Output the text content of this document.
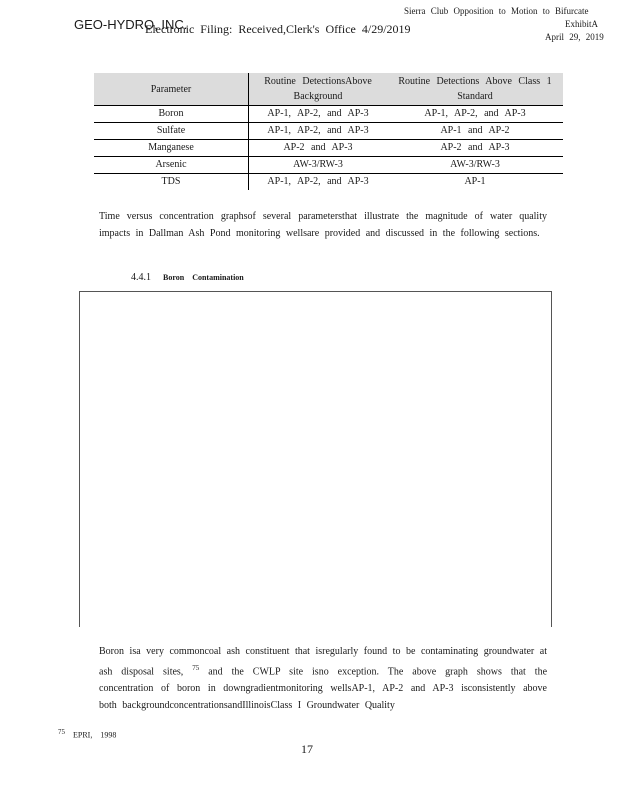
GEO-HYDRO, INC.
Electronic Filing: Received,Clerk's Office 4/29/2019
Sierra Club Opposition to Motion to Bifurcate
ExhibitA
April 29, 2019
Parameter	Routine DetectionsAbove Background	Routine Detections Above Class 1 Standard
Boron	AP-1, AP-2, and AP-3	AP-1, AP-2, and AP-3
Sulfate	AP-1, AP-2, and AP-3	AP-1 and AP-2
Manganese	AP-2 and AP-3	AP-2 and AP-3
Arsenic	AW-3/RW-3	AW-3/RW-3
TDS	AP-1, AP-2, and AP-3	AP-1
Time versus concentration graphsof several parametersthat illustrate the magnitude of water quality impacts in Dallman Ash Pond monitoring wellsare provided and discussed in the following sections.
4.4.1 Boron Contamination
Boron isa very commoncoal ash constituent that isregularly found to be contaminating groundwater at ash disposal sites, $^{75}$ and the CWLP site isno exception. The above graph shows that the concentration of boron in downgradientmonitoring wellsAP-1, AP-2 and AP-3 isconsistently above both backgroundconcentrationsandIllinoisClass I Groundwater Quality
$^{75}$ EPRI, 1998
17
